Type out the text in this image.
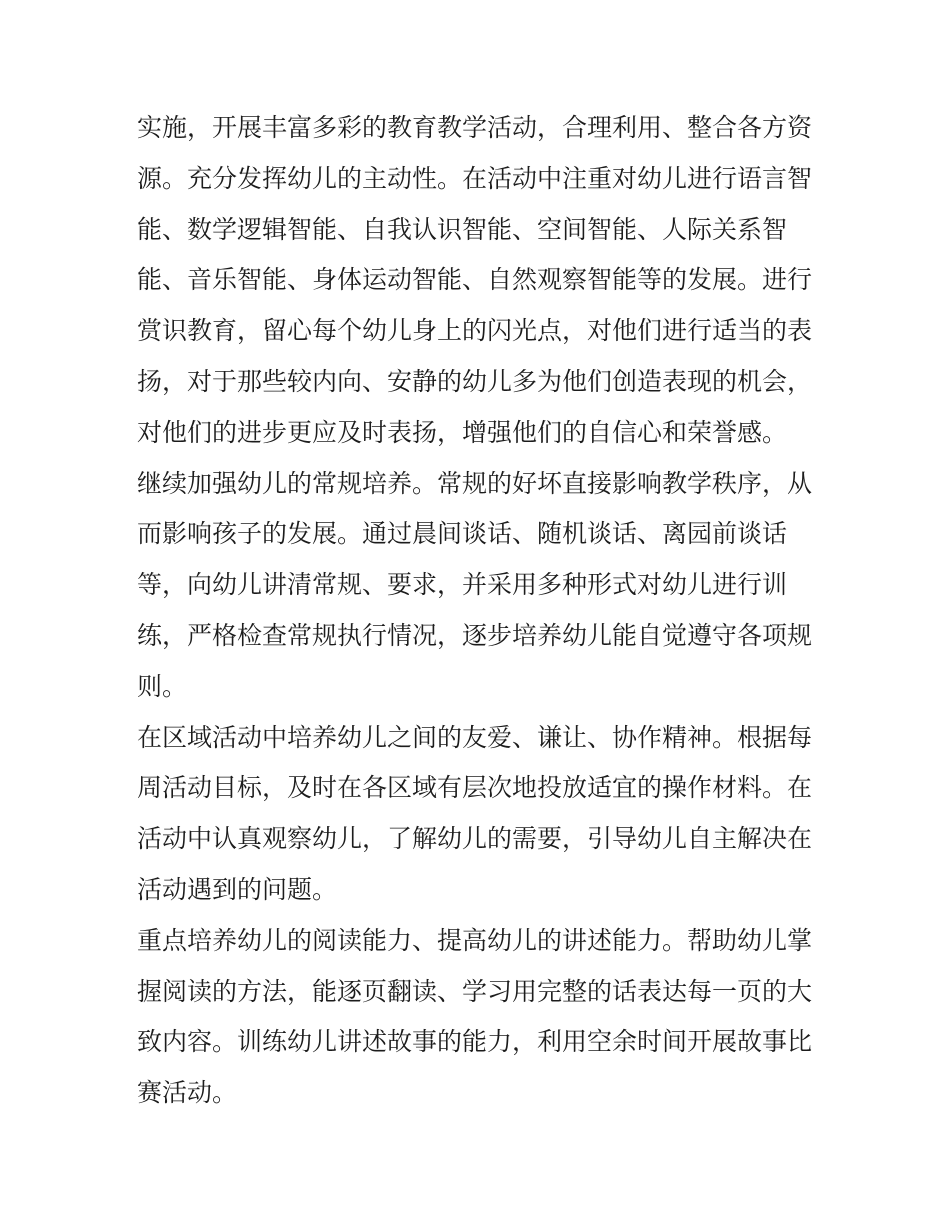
实施，开展丰富多彩的教育教学活动，合理利用、整合各方资
源。充分发挥幼儿的主动性。在活动中注重对幼儿进行语言智
能、数学逻辑智能、自我认识智能、空间智能、人际关系智
能、音乐智能、身体运动智能、自然观察智能等的发展。进行
赏识教育，留心每个幼儿身上的闪光点，对他们进行适当的表
扬，对于那些较内向、安静的幼儿多为他们创造表现的机会，
对他们的进步更应及时表扬，增强他们的自信心和荣誉感。
继续加强幼儿的常规培养。常规的好坏直接影响教学秩序，从
而影响孩子的发展。通过晨间谈话、随机谈话、离园前谈话
等，向幼儿讲清常规、要求，并采用多种形式对幼儿进行训
练，严格检查常规执行情况，逐步培养幼儿能自觉遵守各项规
则。
在区域活动中培养幼儿之间的友爱、谦让、协作精神。根据每
周活动目标，及时在各区域有层次地投放适宜的操作材料。在
活动中认真观察幼儿，了解幼儿的需要，引导幼儿自主解决在
活动遇到的问题。
重点培养幼儿的阅读能力、提高幼儿的讲述能力。帮助幼儿掌
握阅读的方法，能逐页翻读、学习用完整的话表达每一页的大
致内容。训练幼儿讲述故事的能力，利用空余时间开展故事比
赛活动。
